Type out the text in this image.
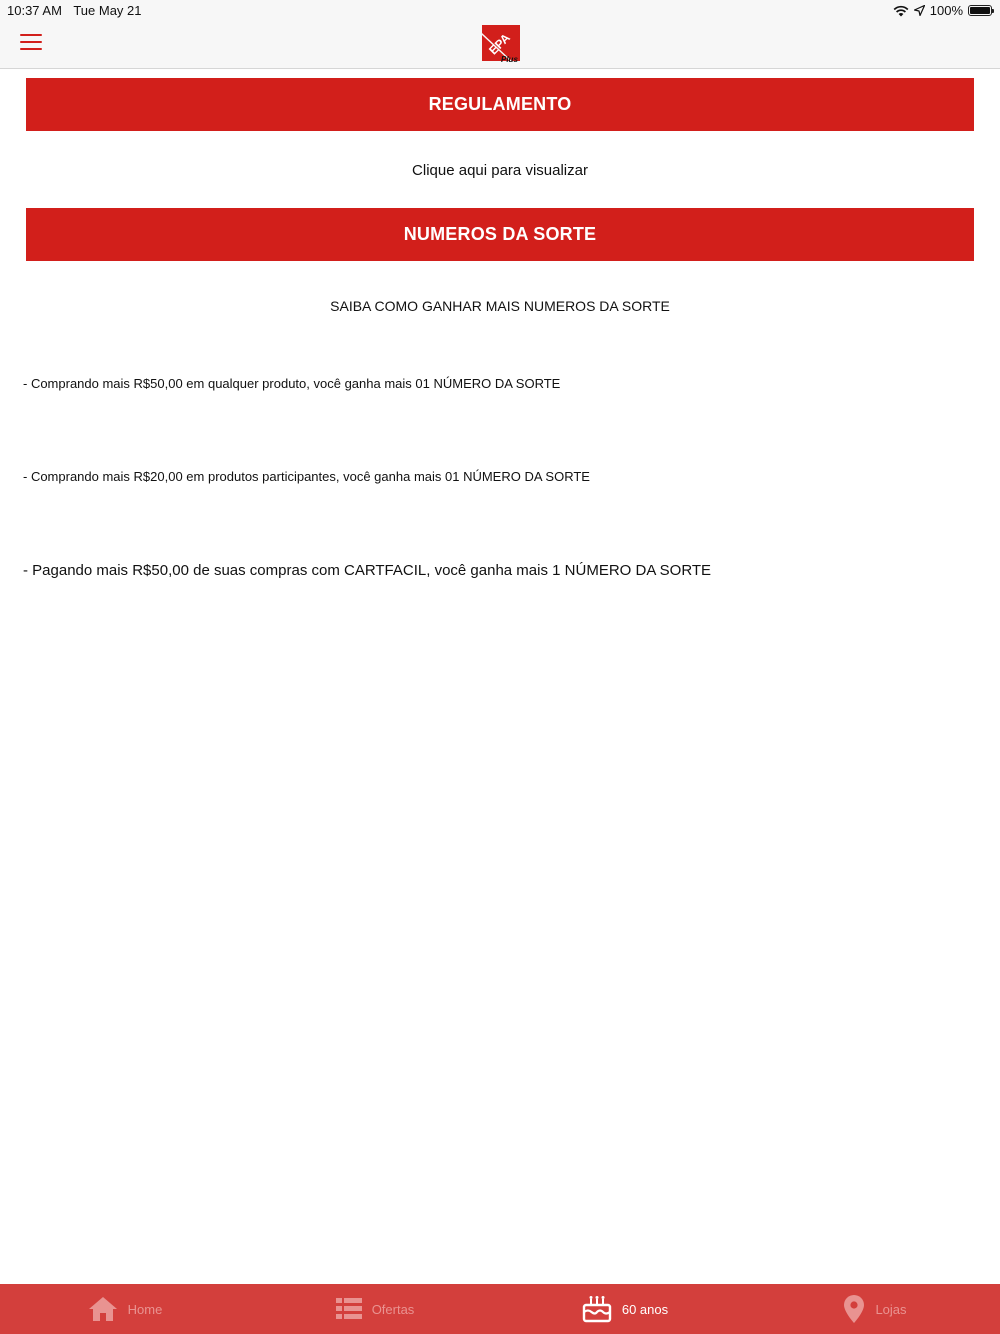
10:37 AM Tue May 21	100%
EPA
Plus
REGULAMENTO
Clique aqui para visualizar
NUMEROS DA SORTE
SAIBA COMO GANHAR MAIS NUMEROS DA SORTE
- Comprando mais R$50,00 em qualquer produto, você ganha mais 01 NÚMERO DA SORTE
- Comprando mais R$20,00 em produtos participantes, você ganha mais 01 NÚMERO DA SORTE
- Pagando mais R$50,00 de suas compras com CARTFACIL, você ganha mais 1 NÚMERO DA SORTE
Home	Ofertas	60 anos	Lojas
